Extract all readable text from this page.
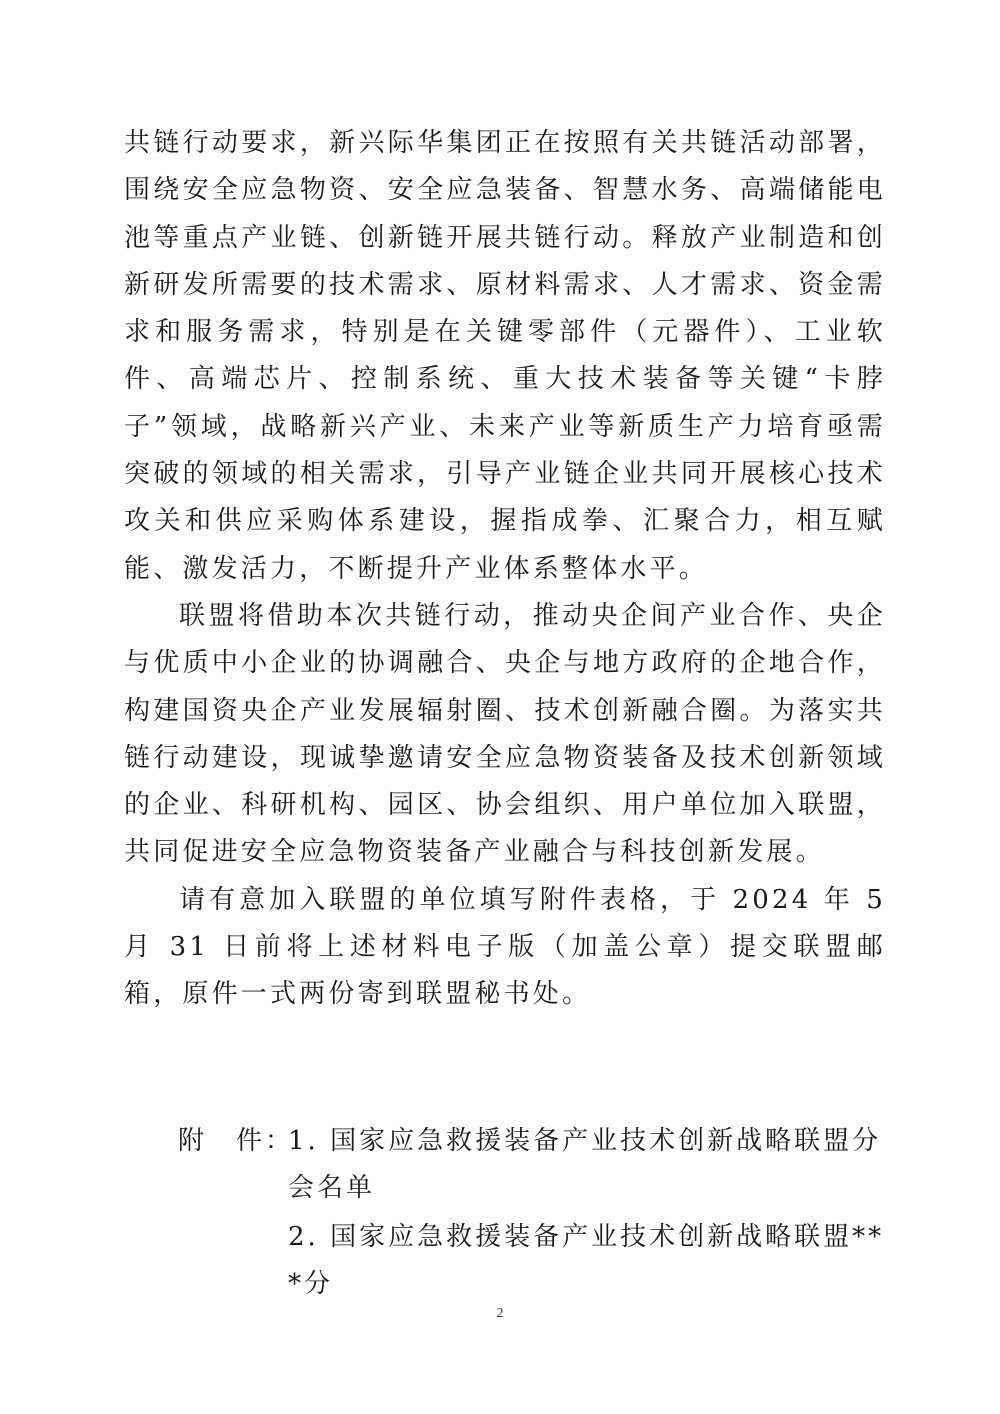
共链行动要求，新兴际华集团正在按照有关共链活动部署，围绕安全应急物资、安全应急装备、智慧水务、高端储能电池等重点产业链、创新链开展共链行动。释放产业制造和创新研发所需要的技术需求、原材料需求、人才需求、资金需求和服务需求，特别是在关键零部件（元器件）、工业软件、高端芯片、控制系统、重大技术装备等关键“卡脖子”领域，战略新兴产业、未来产业等新质生产力培育亟需突破的领域的相关需求，引导产业链企业共同开展核心技术攻关和供应采购体系建设，握指成拳、汇聚合力，相互赋能、激发活力，不断提升产业体系整体水平。

联盟将借助本次共链行动，推动央企间产业合作、央企与优质中小企业的协调融合、央企与地方政府的企地合作，构建国资央企产业发展辐射圈、技术创新融合圈。为落实共链行动建设，现诚挚邀请安全应急物资装备及技术创新领域的企业、科研机构、园区、协会组织、用户单位加入联盟，共同促进安全应急物资装备产业融合与科技创新发展。

请有意加入联盟的单位填写附件表格，于 2024 年 5 月 31 日前将上述材料电子版（加盖公章）提交联盟邮箱，原件一式两份寄到联盟秘书处。

附　件：
1. 国家应急救援装备产业技术创新战略联盟分会名单
2. 国家应急救援装备产业技术创新战略联盟***分
2
